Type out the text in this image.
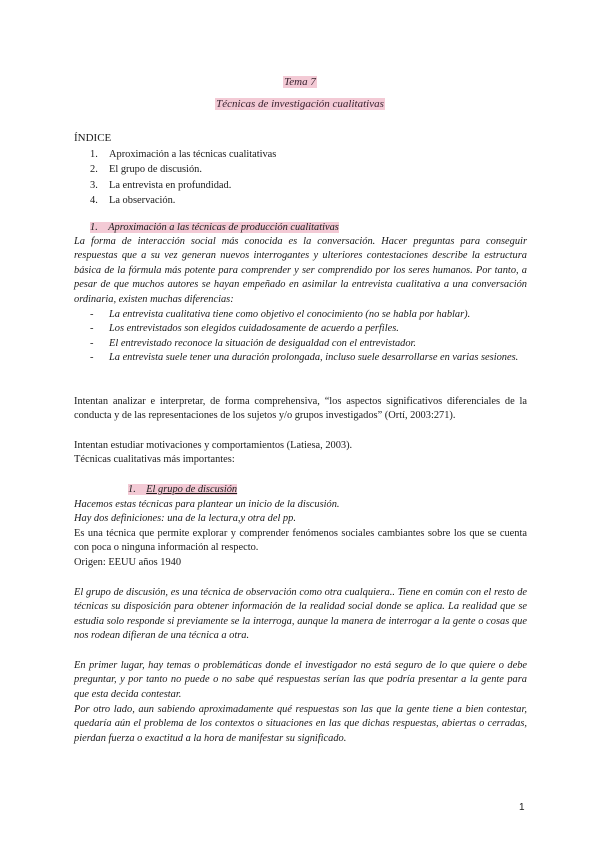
Tema 7
Técnicas de investigación cualitativas
ÍNDICE
1.	Aproximación a las técnicas cualitativas
2.	El grupo de discusión.
3.	La entrevista en profundidad.
4.	La observación.
1. Aproximación a las técnicas de producción cualitativas
La forma de interacción social más conocida es la conversación. Hacer preguntas para conseguir respuestas que a su vez generan nuevos interrogantes y ulteriores contestaciones describe la estructura básica de la fórmula más potente para comprender y ser comprendido por los seres humanos. Por tanto, a pesar de que muchos autores se hayan empeñado en asimilar la entrevista cualitativa a una conversación ordinaria, existen muchas diferencias:
-	La entrevista cualitativa tiene como objetivo el conocimiento (no se habla por hablar).
-	Los entrevistados son elegidos cuidadosamente de acuerdo a perfiles.
-	El entrevistado reconoce la situación de desigualdad con el entrevistador.
-	La entrevista suele tener una duración prolongada, incluso suele desarrollarse en varias sesiones.
Intentan analizar e interpretar, de forma comprehensiva, “los aspectos significativos diferenciales de la conducta y de las representaciones de los sujetos y/o grupos investigados” (Ortí, 2003:271).
Intentan estudiar motivaciones y comportamientos (Latiesa, 2003).
Técnicas cualitativas más importantes:
1. El grupo de discusión
Hacemos estas técnicas para plantear un inicio de la discusión.
Hay dos definiciones: una de la lectura,y otra del pp.
Es una técnica que permite explorar y comprender fenómenos sociales cambiantes sobre los que se cuenta con poca o ninguna información al respecto.
Origen: EEUU años 1940
El grupo de discusión, es una técnica de observación como otra cualquiera.. Tiene en común con el resto de técnicas su disposición para obtener información de la realidad social donde se aplica. La realidad que se estudia solo responde si previamente se la interroga, aunque la manera de interrogar a la gente o cosas que nos rodean difieran de una técnica a otra.
En primer lugar, hay temas o problemáticas donde el investigador no está seguro de lo que quiere o debe preguntar, y por tanto no puede o no sabe qué respuestas serían las que podría presentar a la gente para que esta decida contestar.
Por otro lado, aun sabiendo aproximadamente qué respuestas son las que la gente tiene a bien contestar, quedaría aún el problema de los contextos o situaciones en las que dichas respuestas, abiertas o cerradas, pierdan fuerza o exactitud a la hora de manifestar su significado.
1
